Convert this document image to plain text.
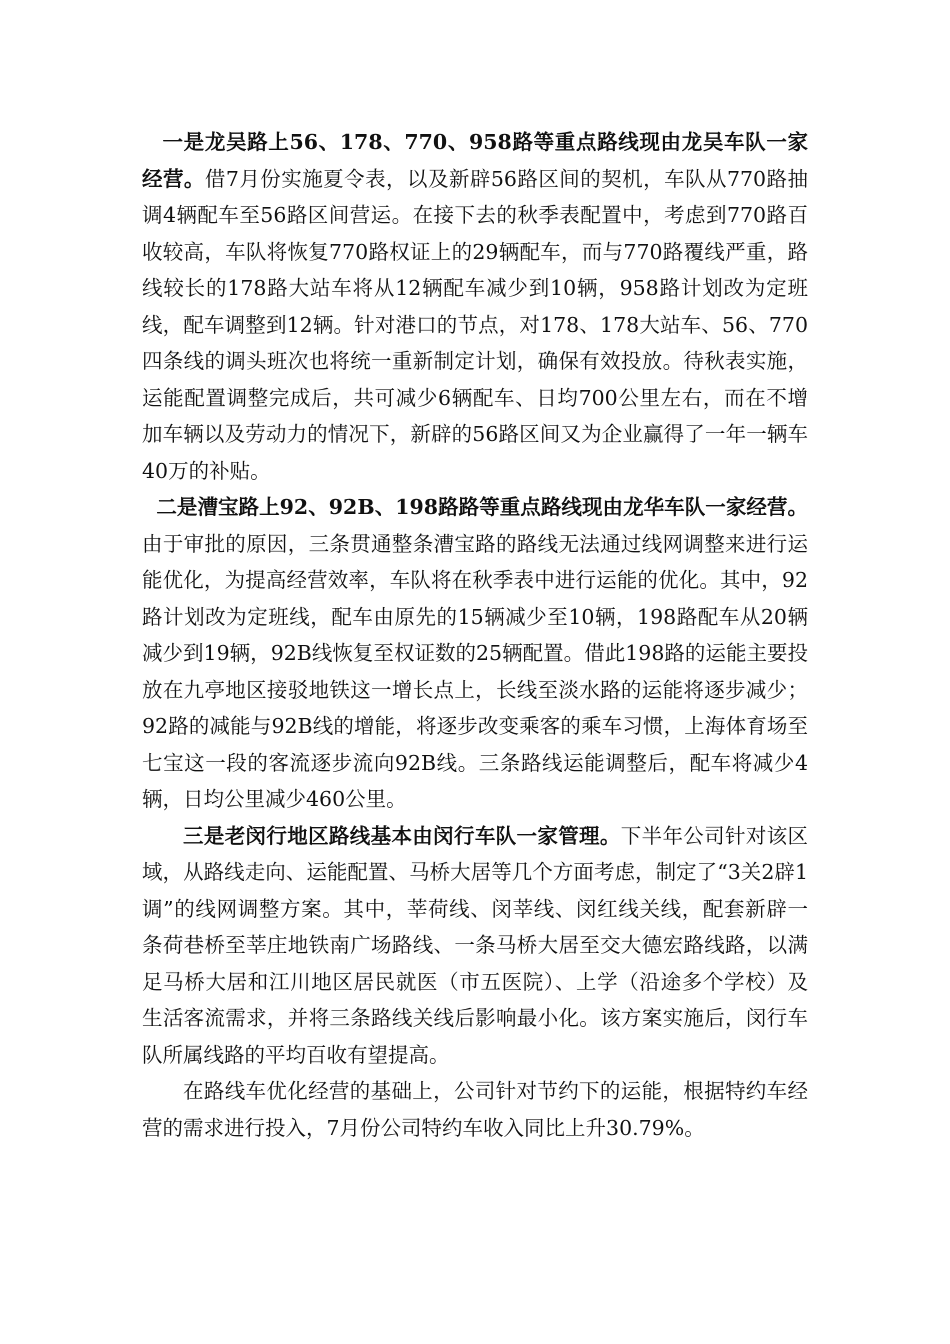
一是龙吴路上56、178、770、958路等重点路线现由龙吴车队一家经营。借7月份实施夏令表，以及新辟56路区间的契机，车队从770路抽调4辆配车至56路区间营运。在接下去的秋季表配置中，考虑到770路百收较高，车队将恢复770路权证上的29辆配车，而与770路覆线严重，路线较长的178路大站车将从12辆配车减少到10辆，958路计划改为定班线，配车调整到12辆。针对港口的节点，对178、178大站车、56、770四条线的调头班次也将统一重新制定计划，确保有效投放。待秋表实施，运能配置调整完成后，共可减少6辆配车、日均700公里左右，而在不增加车辆以及劳动力的情况下，新辟的56路区间又为企业赢得了一年一辆车40万的补贴。

二是漕宝路上92、92B、198路路等重点路线现由龙华车队一家经营。由于审批的原因，三条贯通整条漕宝路的路线无法通过线网调整来进行运能优化，为提高经营效率，车队将在秋季表中进行运能的优化。其中，92路计划改为定班线，配车由原先的15辆减少至10辆，198路配车从20辆减少到19辆，92B线恢复至权证数的25辆配置。借此198路的运能主要投放在九亭地区接驳地铁这一增长点上，长线至淡水路的运能将逐步减少；92路的减能与92B线的增能，将逐步改变乘客的乘车习惯，上海体育场至七宝这一段的客流逐步流向92B线。三条路线运能调整后，配车将减少4辆，日均公里减少460公里。

三是老闵行地区路线基本由闵行车队一家管理。下半年公司针对该区域，从路线走向、运能配置、马桥大居等几个方面考虑，制定了“3关2辟1调”的线网调整方案。其中，莘荷线、闵莘线、闵红线关线，配套新辟一条荷巷桥至莘庄地铁南广场路线、一条马桥大居至交大德宏路线路，以满足马桥大居和江川地区居民就医（市五医院）、上学（沿途多个学校）及生活客流需求，并将三条路线关线后影响最小化。该方案实施后，闵行车队所属线路的平均百收有望提高。

在路线车优化经营的基础上，公司针对节约下的运能，根据特约车经营的需求进行投入，7月份公司特约车收入同比上升30.79%。
